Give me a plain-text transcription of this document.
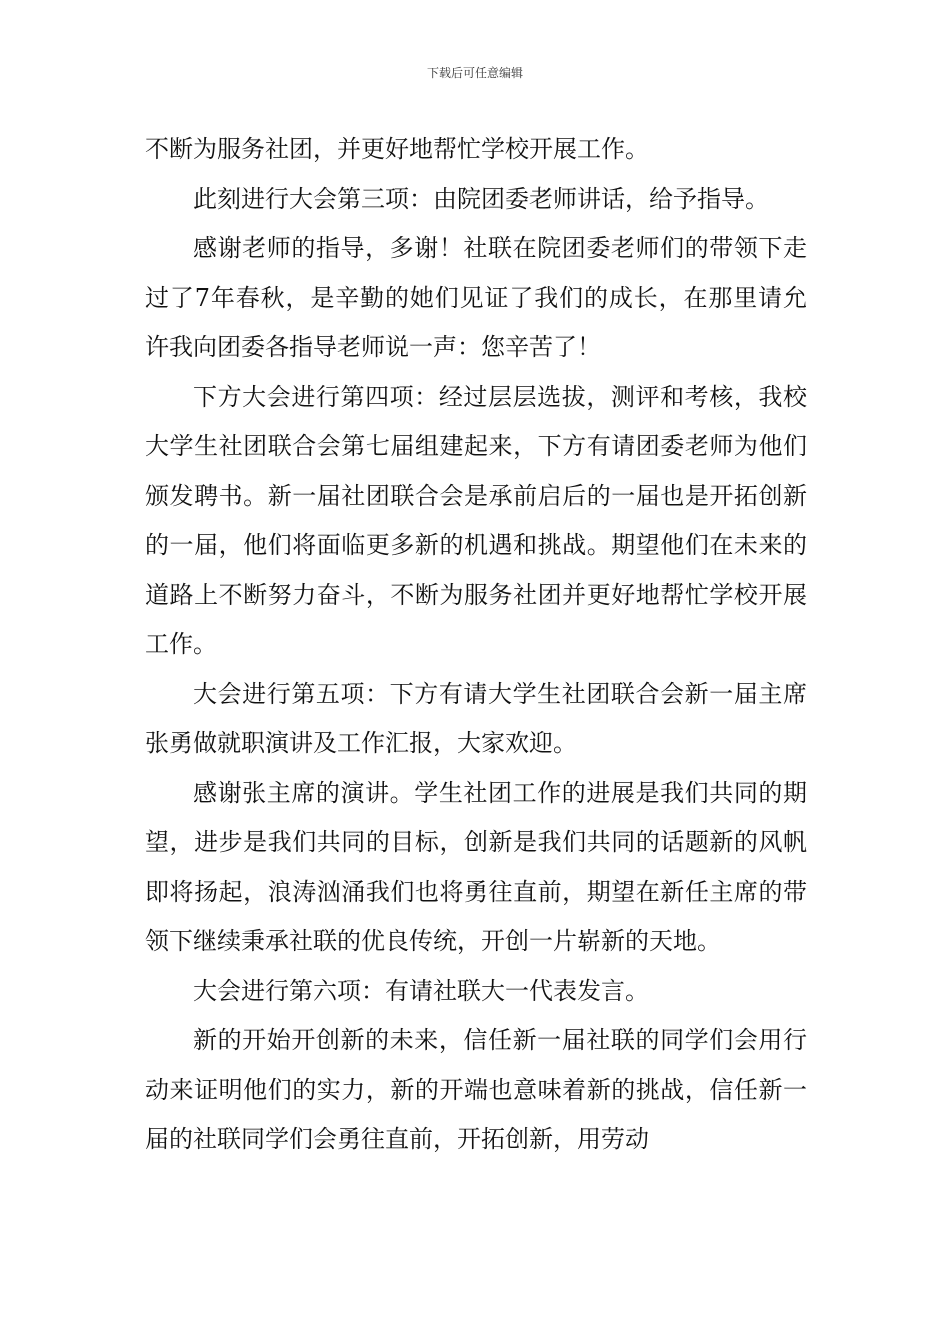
下载后可任意编辑

不断为服务社团，并更好地帮忙学校开展工作。

此刻进行大会第三项：由院团委老师讲话，给予指导。

感谢老师的指导，多谢！社联在院团委老师们的带领下走过了7年春秋，是辛勤的她们见证了我们的成长，在那里请允许我向团委各指导老师说一声：您辛苦了！

下方大会进行第四项：经过层层选拔，测评和考核，我校大学生社团联合会第七届组建起来，下方有请团委老师为他们颁发聘书。新一届社团联合会是承前启后的一届也是开拓创新的一届，他们将面临更多新的机遇和挑战。期望他们在未来的道路上不断努力奋斗，不断为服务社团并更好地帮忙学校开展工作。

大会进行第五项：下方有请大学生社团联合会新一届主席张勇做就职演讲及工作汇报，大家欢迎。

感谢张主席的演讲。学生社团工作的进展是我们共同的期望，进步是我们共同的目标，创新是我们共同的话题新的风帆即将扬起，浪涛汹涌我们也将勇往直前，期望在新任主席的带领下继续秉承社联的优良传统，开创一片崭新的天地。

大会进行第六项：有请社联大一代表发言。

新的开始开创新的未来，信任新一届社联的同学们会用行动来证明他们的实力，新的开端也意味着新的挑战，信任新一届的社联同学们会勇往直前，开拓创新，用劳动
